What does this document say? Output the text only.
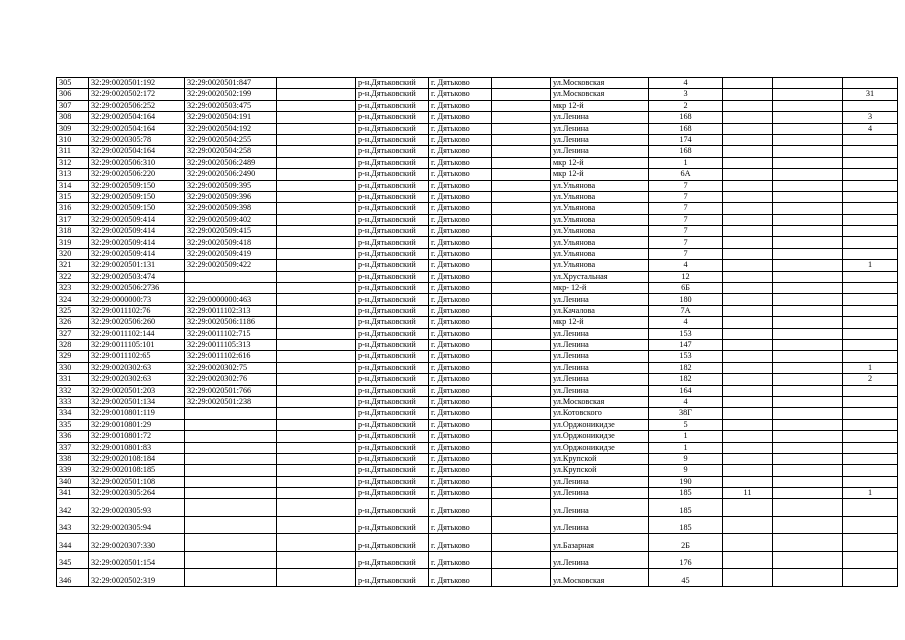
305	32:29:0020501:192	32:29:0020501:847		р-н.Дятьковский	г. Дятьково		ул.Московская	4			
306	32:29:0020502:172	32:29:0020502:199		р-н.Дятьковский	г. Дятьково		ул.Московская	3			31
307	32:29:0020506:252	32:29:0020503:475		р-н.Дятьковский	г. Дятьково		мкр 12-й	2			
308	32:29:0020504:164	32:29:0020504:191		р-н.Дятьковский	г. Дятьково		ул.Ленина	168			3
309	32:29:0020504:164	32:29:0020504:192		р-н.Дятьковский	г. Дятьково		ул.Ленина	168			4
310	32:29:0020305:78	32:29:0020504:255		р-н.Дятьковский	г. Дятьково		ул.Ленина	174			
311	32:29:0020504:164	32:29:0020504:258		р-н.Дятьковский	г. Дятьково		ул.Ленина	168			
312	32:29:0020506:310	32:29:0020506:2489		р-н.Дятьковский	г. Дятьково		мкр 12-й	1			
313	32:29:0020506:220	32:29:0020506:2490		р-н.Дятьковский	г. Дятьково		мкр 12-й	6А			
314	32:29:0020509:150	32:29:0020509:395		р-н.Дятьковский	г. Дятьково		ул.Ульянова	7			
315	32:29:0020509:150	32:29:0020509:396		р-н.Дятьковский	г. Дятьково		ул.Ульянова	7			
316	32:29:0020509:150	32:29:0020509:398		р-н.Дятьковский	г. Дятьково		ул.Ульянова	7			
317	32:29:0020509:414	32:29:0020509:402		р-н.Дятьковский	г. Дятьково		ул.Ульянова	7			
318	32:29:0020509:414	32:29:0020509:415		р-н.Дятьковский	г. Дятьково		ул.Ульянова	7			
319	32:29:0020509:414	32:29:0020509:418		р-н.Дятьковский	г. Дятьково		ул.Ульянова	7			
320	32:29:0020509:414	32:29:0020509:419		р-н.Дятьковский	г. Дятьково		ул.Ульянова	7			
321	32:29:0020501:131	32:29:0020509:422		р-н.Дятьковский	г. Дятьково		ул.Ульянова	4			1
322	32:29:0020503:474			р-н.Дятьковский	г. Дятьково		ул.Хрустальная	12			
323	32:29:0020506:2736			р-н.Дятьковский	г. Дятьково		мкр- 12-й	6Б			
324	32:29:0000000:73	32:29:0000000:463		р-н.Дятьковский	г. Дятьково		ул.Ленина	180			
325	32:29:0011102:76	32:29:0011102:313		р-н.Дятьковский	г. Дятьково		ул.Качалова	7А			
326	32:29:0020506:260	32:29:0020506:1186		р-н.Дятьковский	г. Дятьково		мкр 12-й	4			
327	32:29:0011102:144	32:29:0011102:715		р-н.Дятьковский	г. Дятьково		ул.Ленина	153			
328	32:29:0011105:101	32:29:0011105:313		р-н.Дятьковский	г. Дятьково		ул.Ленина	147			
329	32:29:0011102:65	32:29:0011102:616		р-н.Дятьковский	г. Дятьково		ул.Ленина	153			
330	32:29:0020302:63	32:29:0020302:75		р-н.Дятьковский	г. Дятьково		ул.Ленина	182			1
331	32:29:0020302:63	32:29:0020302:76		р-н.Дятьковский	г. Дятьково		ул.Ленина	182			2
332	32:29:0020501:203	32:29:0020501:766		р-н.Дятьковский	г. Дятьково		ул.Ленина	164			
333	32:29:0020501:134	32:29:0020501:238		р-н.Дятьковский	г. Дятьково		ул.Московская	4			
334	32:29:0010801:119			р-н.Дятьковский	г. Дятьково		ул.Котовского	38Г			
335	32:29:0010801:29			р-н.Дятьковский	г. Дятьково		ул.Орджоникидзе	5			
336	32:29:0010801:72			р-н.Дятьковский	г. Дятьково		ул.Орджоникидзе	1			
337	32:29:0010801:83			р-н.Дятьковский	г. Дятьково		ул.Орджоникидзе	1			
338	32:29:0020108:184			р-н.Дятьковский	г. Дятьково		ул.Крупской	9			
339	32:29:0020108:185			р-н.Дятьковский	г. Дятьково		ул.Крупской	9			
340	32:29:0020501:108			р-н.Дятьковский	г. Дятьково		ул.Ленина	190			
341	32:29:0020305:264			р-н.Дятьковский	г. Дятьково		ул.Ленина	185	11		1
342	32:29:0020305:93			р-н.Дятьковский	г. Дятьково		ул.Ленина	185			
343	32:29:0020305:94			р-н.Дятьковский	г. Дятьково		ул.Ленина	185			
344	32:29:0020307:330			р-н.Дятьковский	г. Дятьково		ул.Базарная	2Б			
345	32:29:0020501:154			р-н.Дятьковский	г. Дятьково		ул.Ленина	176			
346	32:29:0020502:319			р-н.Дятьковский	г. Дятьково		ул.Московская	45			
